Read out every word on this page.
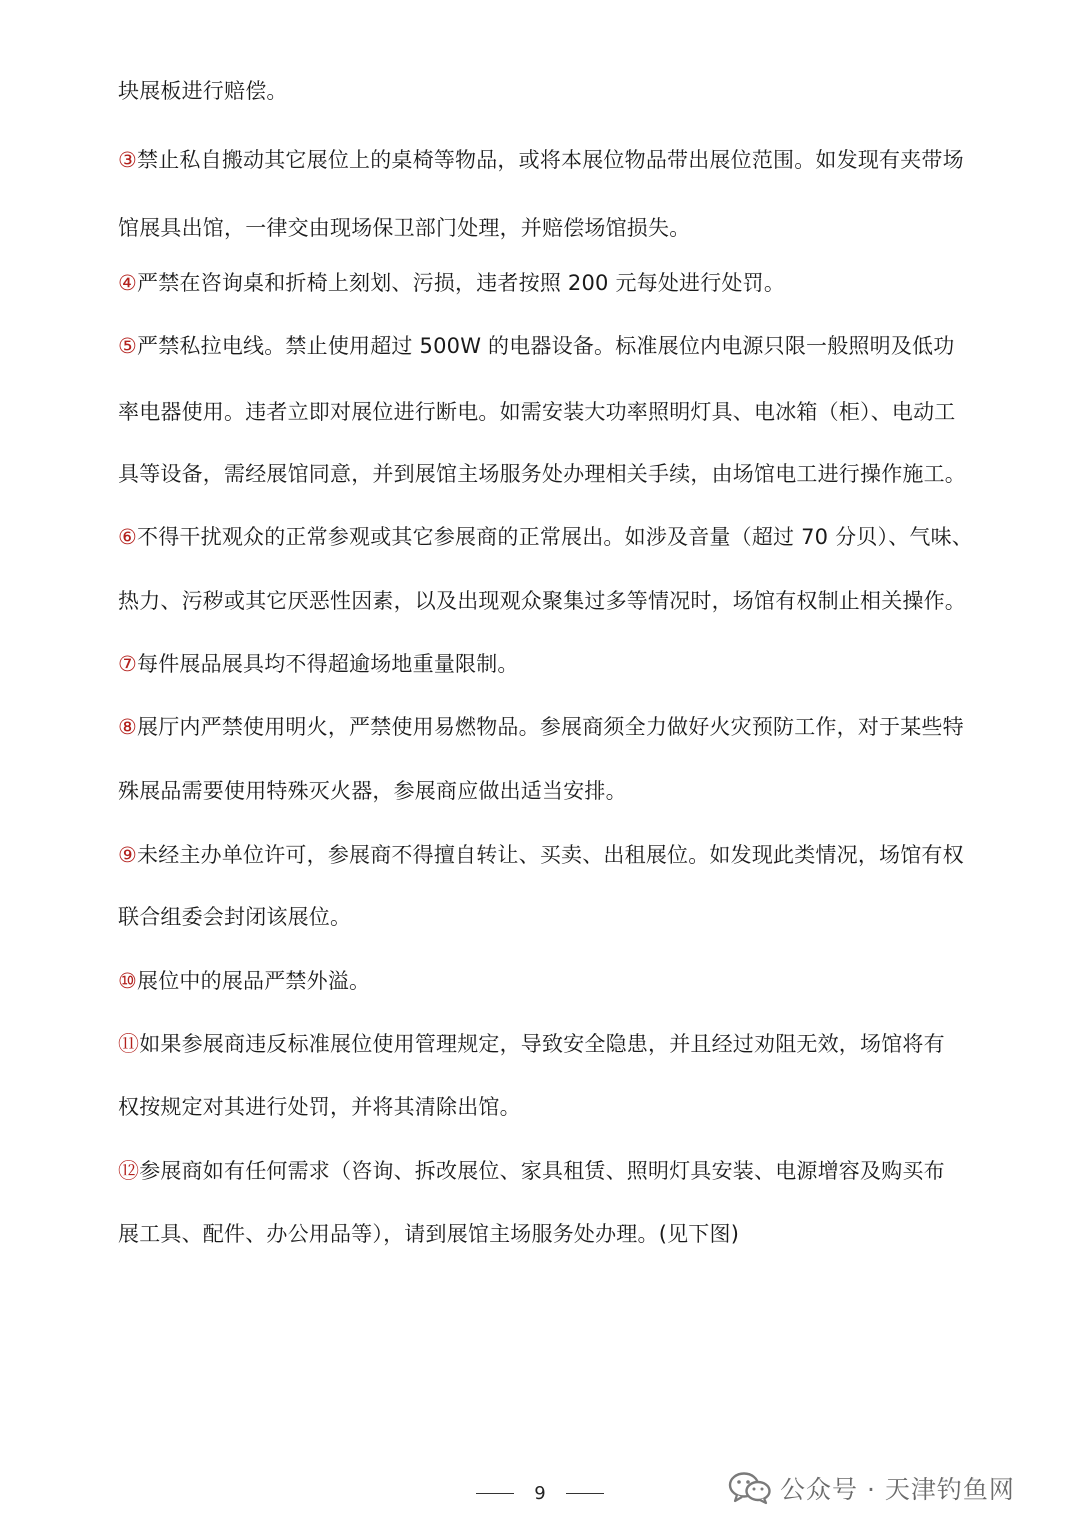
块展板进行赔偿。
③禁止私自搬动其它展位上的桌椅等物品，或将本展位物品带出展位范围。如发现有夹带场
馆展具出馆，一律交由现场保卫部门处理，并赔偿场馆损失。
④严禁在咨询桌和折椅上刻划、污损，违者按照 200 元每处进行处罚。
⑤严禁私拉电线。禁止使用超过 500W 的电器设备。标准展位内电源只限一般照明及低功
率电器使用。违者立即对展位进行断电。如需安装大功率照明灯具、电冰箱（柜）、电动工
具等设备，需经展馆同意，并到展馆主场服务处办理相关手续，由场馆电工进行操作施工。
⑥不得干扰观众的正常参观或其它参展商的正常展出。如涉及音量（超过 70 分贝）、气味、
热力、污秽或其它厌恶性因素，以及出现观众聚集过多等情况时，场馆有权制止相关操作。
⑦每件展品展具均不得超逾场地重量限制。
⑧展厅内严禁使用明火，严禁使用易燃物品。参展商须全力做好火灾预防工作，对于某些特
殊展品需要使用特殊灭火器，参展商应做出适当安排。
⑨未经主办单位许可，参展商不得擅自转让、买卖、出租展位。如发现此类情况，场馆有权
联合组委会封闭该展位。
⑩展位中的展品严禁外溢。
⑪如果参展商违反标准展位使用管理规定，导致安全隐患，并且经过劝阻无效，场馆将有
权按规定对其进行处罚，并将其清除出馆。
⑫参展商如有任何需求（咨询、拆改展位、家具租赁、照明灯具安装、电源增容及购买布
展工具、配件、办公用品等），请到展馆主场服务处办理。(见下图)
9	公众号 · 天津钓鱼网
